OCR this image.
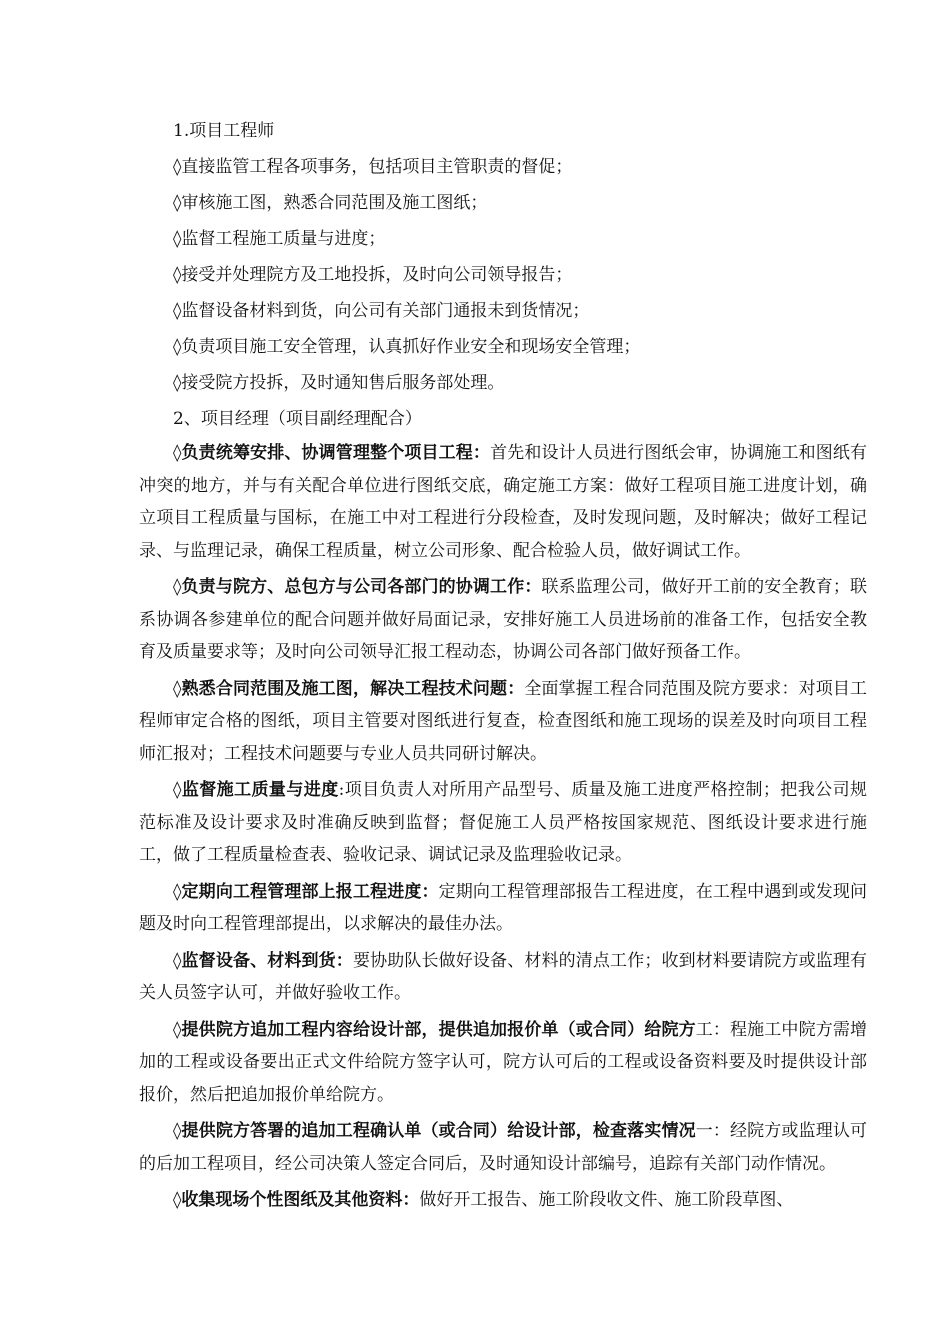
1.项目工程师
◊直接监管工程各项事务，包括项目主管职责的督促；
◊审核施工图，熟悉合同范围及施工图纸；
◊监督工程施工质量与进度；
◊接受并处理院方及工地投拆，及时向公司领导报告；
◊监督设备材料到货，向公司有关部门通报未到货情况；
◊负责项目施工安全管理，认真抓好作业安全和现场安全管理；
◊接受院方投拆，及时通知售后服务部处理。
2、项目经理（项目副经理配合）

◊负责统筹安排、协调管理整个项目工程：首先和设计人员进行图纸会审，协调施工和图纸有冲突的地方，并与有关配合单位进行图纸交底，确定施工方案：做好工程项目施工进度计划，确立项目工程质量与国标，在施工中对工程进行分段检查，及时发现问题，及时解决；做好工程记录、与监理记录，确保工程质量，树立公司形象、配合检验人员，做好调试工作。

◊负责与院方、总包方与公司各部门的协调工作：联系监理公司，做好开工前的安全教育；联系协调各参建单位的配合问题并做好局面记录，安排好施工人员进场前的准备工作，包括安全教育及质量要求等；及时向公司领导汇报工程动态，协调公司各部门做好预备工作。

◊熟悉合同范围及施工图，解决工程技术问题：全面掌握工程合同范围及院方要求：对项目工程师审定合格的图纸，项目主管要对图纸进行复查，检查图纸和施工现场的误差及时向项目工程师汇报对；工程技术问题要与专业人员共同研讨解决。

◊监督施工质量与进度:项目负责人对所用产品型号、质量及施工进度严格控制；把我公司规范标准及设计要求及时准确反映到监督；督促施工人员严格按国家规范、图纸设计要求进行施工，做了工程质量检查表、验收记录、调试记录及监理验收记录。

◊定期向工程管理部上报工程进度：定期向工程管理部报告工程进度，在工程中遇到或发现问题及时向工程管理部提出，以求解决的最佳办法。

◊监督设备、材料到货：要协助队长做好设备、材料的清点工作；收到材料要请院方或监理有关人员签字认可，并做好验收工作。

◊提供院方追加工程内容给设计部，提供追加报价单（或合同）给院方工：程施工中院方需增加的工程或设备要出正式文件给院方签字认可，院方认可后的工程或设备资料要及时提供设计部报价，然后把追加报价单给院方。

◊提供院方答署的追加工程确认单（或合同）给设计部，检查落实情况一：经院方或监理认可的后加工程项目，经公司决策人签定合同后，及时通知设计部编号，追踪有关部门动作情况。

◊收集现场个性图纸及其他资料：做好开工报告、施工阶段收文件、施工阶段草图、
